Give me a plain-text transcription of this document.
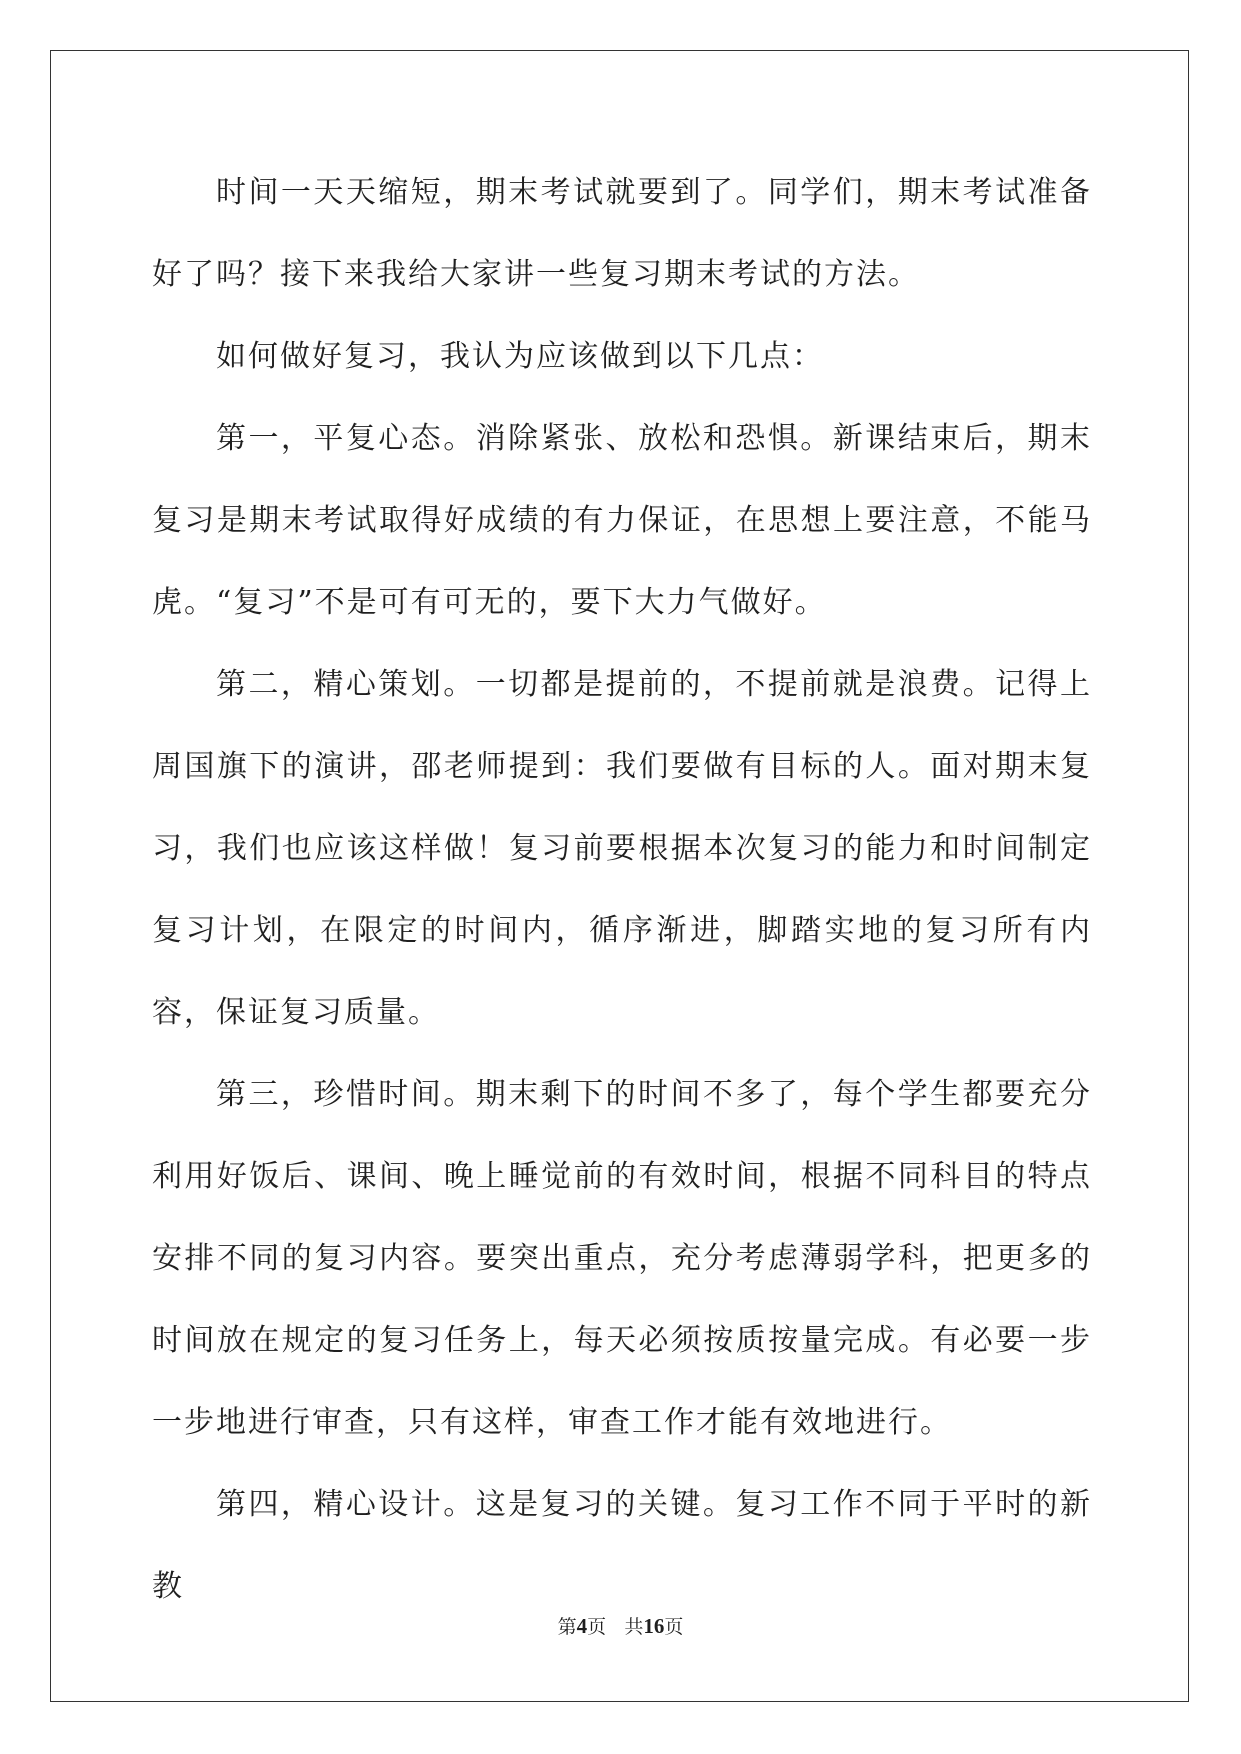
时间一天天缩短，期末考试就要到了。同学们，期末考试准备好了吗？接下来我给大家讲一些复习期末考试的方法。

如何做好复习，我认为应该做到以下几点：

第一，平复心态。消除紧张、放松和恐惧。新课结束后，期末复习是期末考试取得好成绩的有力保证，在思想上要注意，不能马虎。“复习”不是可有可无的，要下大力气做好。

第二，精心策划。一切都是提前的，不提前就是浪费。记得上周国旗下的演讲，邵老师提到：我们要做有目标的人。面对期末复习，我们也应该这样做！复习前要根据本次复习的能力和时间制定复习计划，在限定的时间内，循序渐进，脚踏实地的复习所有内容，保证复习质量。

第三，珍惜时间。期末剩下的时间不多了，每个学生都要充分利用好饭后、课间、晚上睡觉前的有效时间，根据不同科目的特点安排不同的复习内容。要突出重点，充分考虑薄弱学科，把更多的时间放在规定的复习任务上，每天必须按质按量完成。有必要一步一步地进行审查，只有这样，审查工作才能有效地进行。

第四，精心设计。这是复习的关键。复习工作不同于平时的新教

第4页 共16页
